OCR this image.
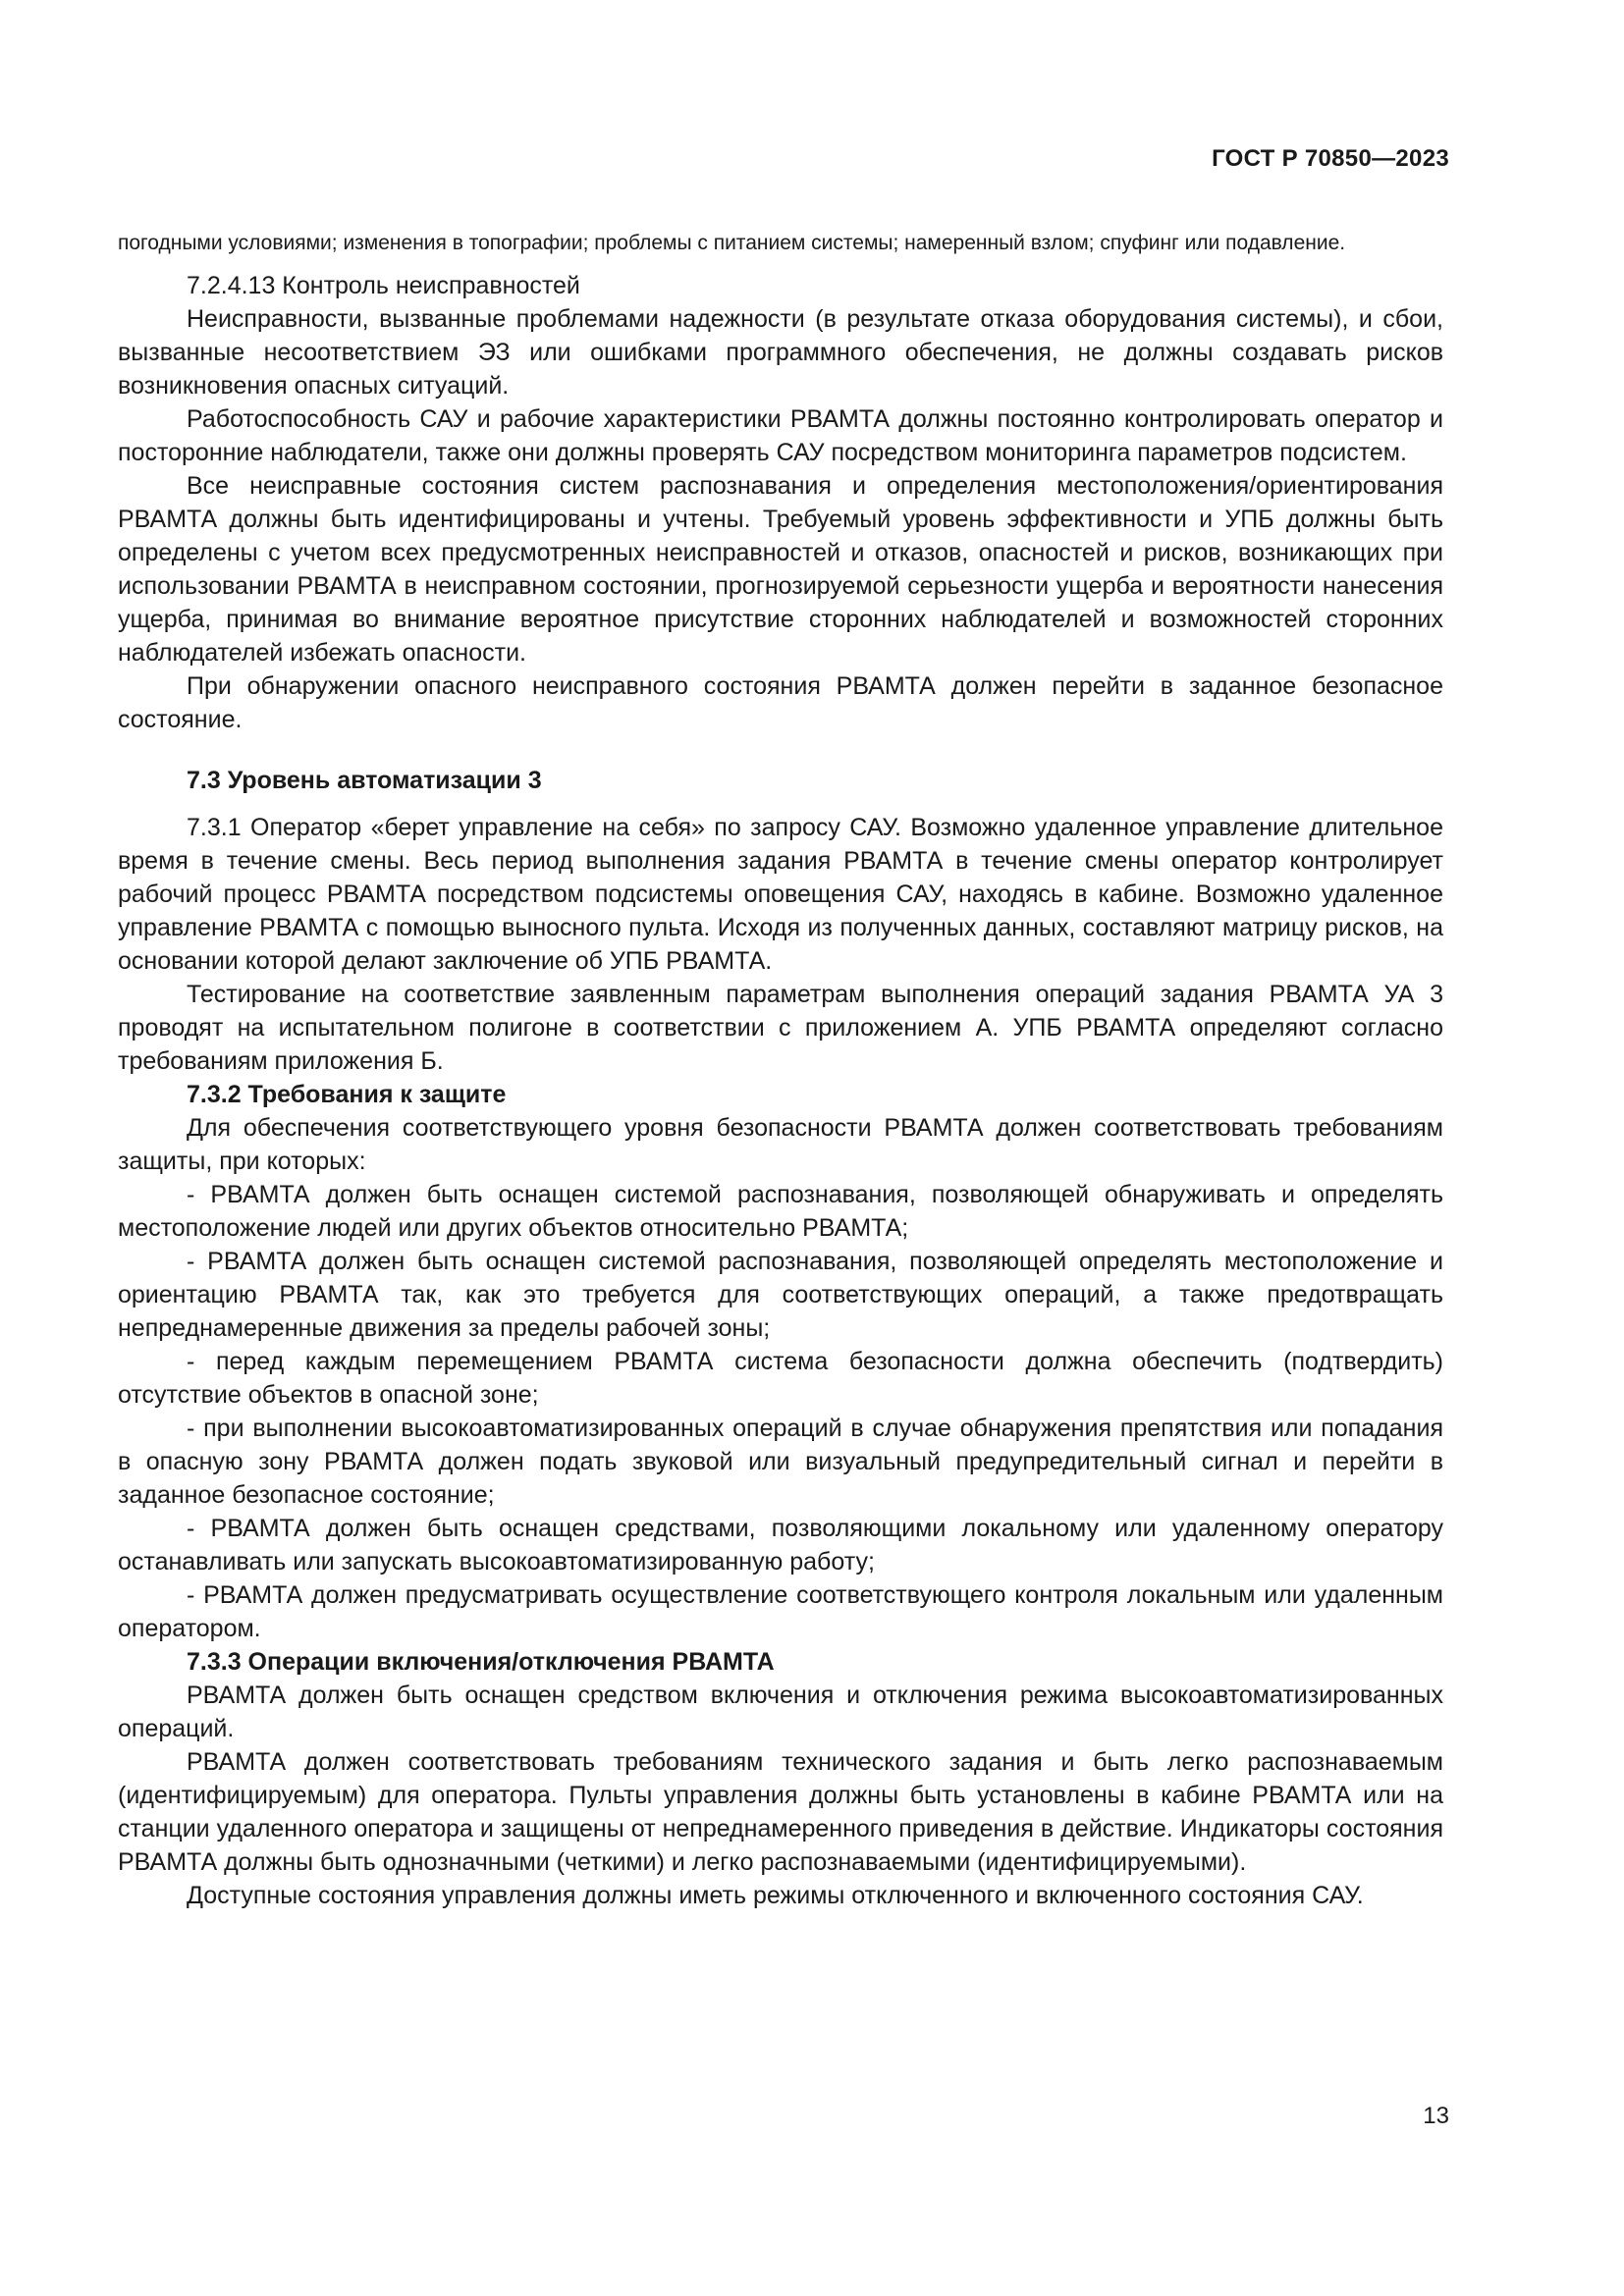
ГОСТ Р 70850—2023

погодными условиями; изменения в топографии; проблемы с питанием системы; намеренный взлом; спуфинг или подавление.

7.2.4.13 Контроль неисправностей

Неисправности, вызванные проблемами надежности (в результате отказа оборудования системы), и сбои, вызванные несоответствием ЭЗ или ошибками программного обеспечения, не должны создавать рисков возникновения опасных ситуаций.

Работоспособность САУ и рабочие характеристики РВАМТА должны постоянно контролировать оператор и посторонние наблюдатели, также они должны проверять САУ посредством мониторинга параметров подсистем.

Все неисправные состояния систем распознавания и определения местоположения/ориентирования РВАМТА должны быть идентифицированы и учтены. Требуемый уровень эффективности и УПБ должны быть определены с учетом всех предусмотренных неисправностей и отказов, опасностей и рисков, возникающих при использовании РВАМТА в неисправном состоянии, прогнозируемой серьезности ущерба и вероятности нанесения ущерба, принимая во внимание вероятное присутствие сторонних наблюдателей и возможностей сторонних наблюдателей избежать опасности.

При обнаружении опасного неисправного состояния РВАМТА должен перейти в заданное безопасное состояние.

7.3 Уровень автоматизации 3

7.3.1 Оператор «берет управление на себя» по запросу САУ. Возможно удаленное управление длительное время в течение смены. Весь период выполнения задания РВАМТА в течение смены оператор контролирует рабочий процесс РВАМТА посредством подсистемы оповещения САУ, находясь в кабине. Возможно удаленное управление РВАМТА с помощью выносного пульта. Исходя из полученных данных, составляют матрицу рисков, на основании которой делают заключение об УПБ РВАМТА.

Тестирование на соответствие заявленным параметрам выполнения операций задания РВАМТА УА 3 проводят на испытательном полигоне в соответствии с приложением А. УПБ РВАМТА определяют согласно требованиям приложения Б.

7.3.2 Требования к защите

Для обеспечения соответствующего уровня безопасности РВАМТА должен соответствовать требованиям защиты, при которых:

- РВАМТА должен быть оснащен системой распознавания, позволяющей обнаруживать и определять местоположение людей или других объектов относительно РВАМТА;

- РВАМТА должен быть оснащен системой распознавания, позволяющей определять местоположение и ориентацию РВАМТА так, как это требуется для соответствующих операций, а также предотвращать непреднамеренные движения за пределы рабочей зоны;

- перед каждым перемещением РВАМТА система безопасности должна обеспечить (подтвердить) отсутствие объектов в опасной зоне;

- при выполнении высокоавтоматизированных операций в случае обнаружения препятствия или попадания в опасную зону РВАМТА должен подать звуковой или визуальный предупредительный сигнал и перейти в заданное безопасное состояние;

- РВАМТА должен быть оснащен средствами, позволяющими локальному или удаленному оператору останавливать или запускать высокоавтоматизированную работу;

- РВАМТА должен предусматривать осуществление соответствующего контроля локальным или удаленным оператором.

7.3.3 Операции включения/отключения РВАМТА

РВАМТА должен быть оснащен средством включения и отключения режима высокоавтоматизированных операций.

РВАМТА должен соответствовать требованиям технического задания и быть легко распознаваемым (идентифицируемым) для оператора. Пульты управления должны быть установлены в кабине РВАМТА или на станции удаленного оператора и защищены от непреднамеренного приведения в действие. Индикаторы состояния РВАМТА должны быть однозначными (четкими) и легко распознаваемыми (идентифицируемыми).

Доступные состояния управления должны иметь режимы отключенного и включенного состояния САУ.

13
